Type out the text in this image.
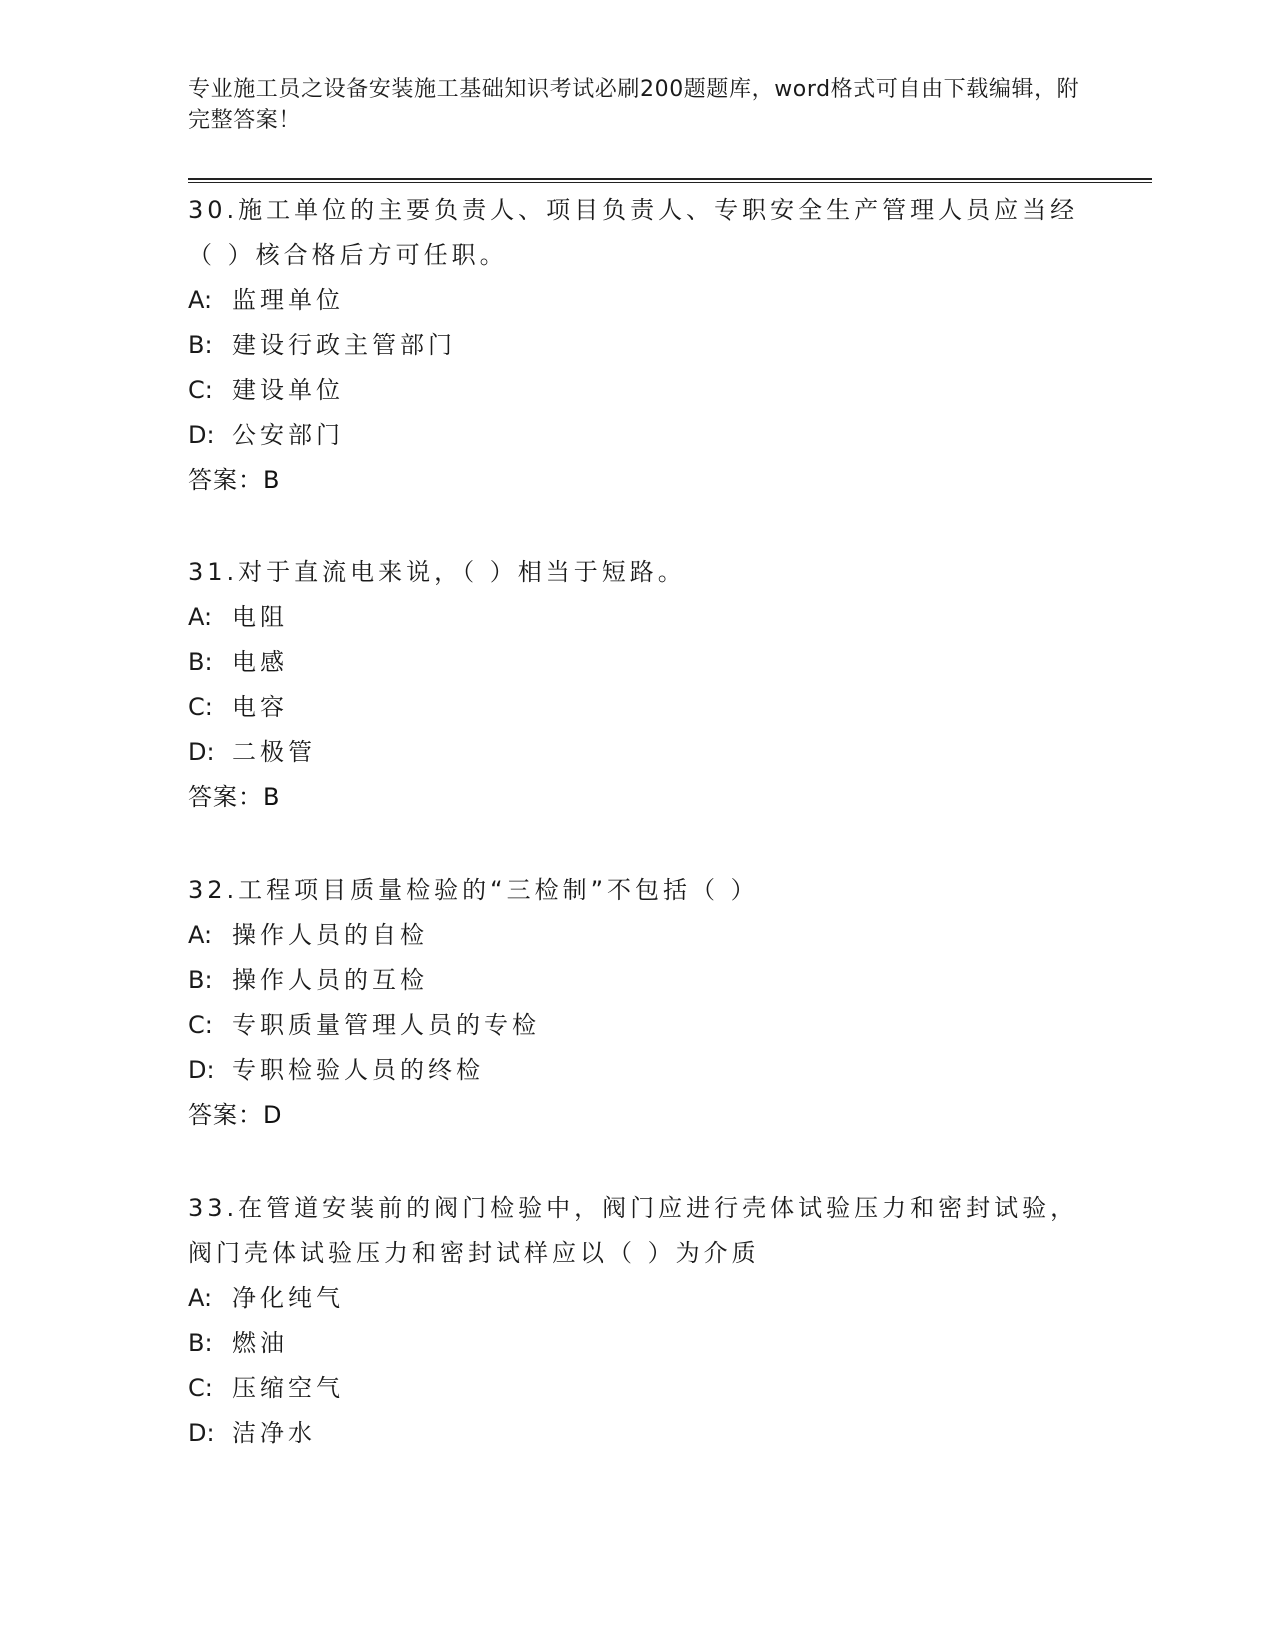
专业施工员之设备安装施工基础知识考试必刷200题题库，word格式可自由下载编辑，附完整答案！

30.施工单位的主要负责人、项目负责人、专职安全生产管理人员应当经（ ）核合格后方可任职。

A: 监理单位

B: 建设行政主管部门

C: 建设单位

D: 公安部门

答案：B

31.对于直流电来说，（ ）相当于短路。

A: 电阻

B: 电感

C: 电容

D: 二极管

答案：B

32.工程项目质量检验的“三检制”不包括（ ）

A: 操作人员的自检

B: 操作人员的互检

C: 专职质量管理人员的专检

D: 专职检验人员的终检

答案：D

33.在管道安装前的阀门检验中，阀门应进行壳体试验压力和密封试验，阀门壳体试验压力和密封试样应以（ ）为介质

A: 净化纯气

B: 燃油

C: 压缩空气

D: 洁净水
